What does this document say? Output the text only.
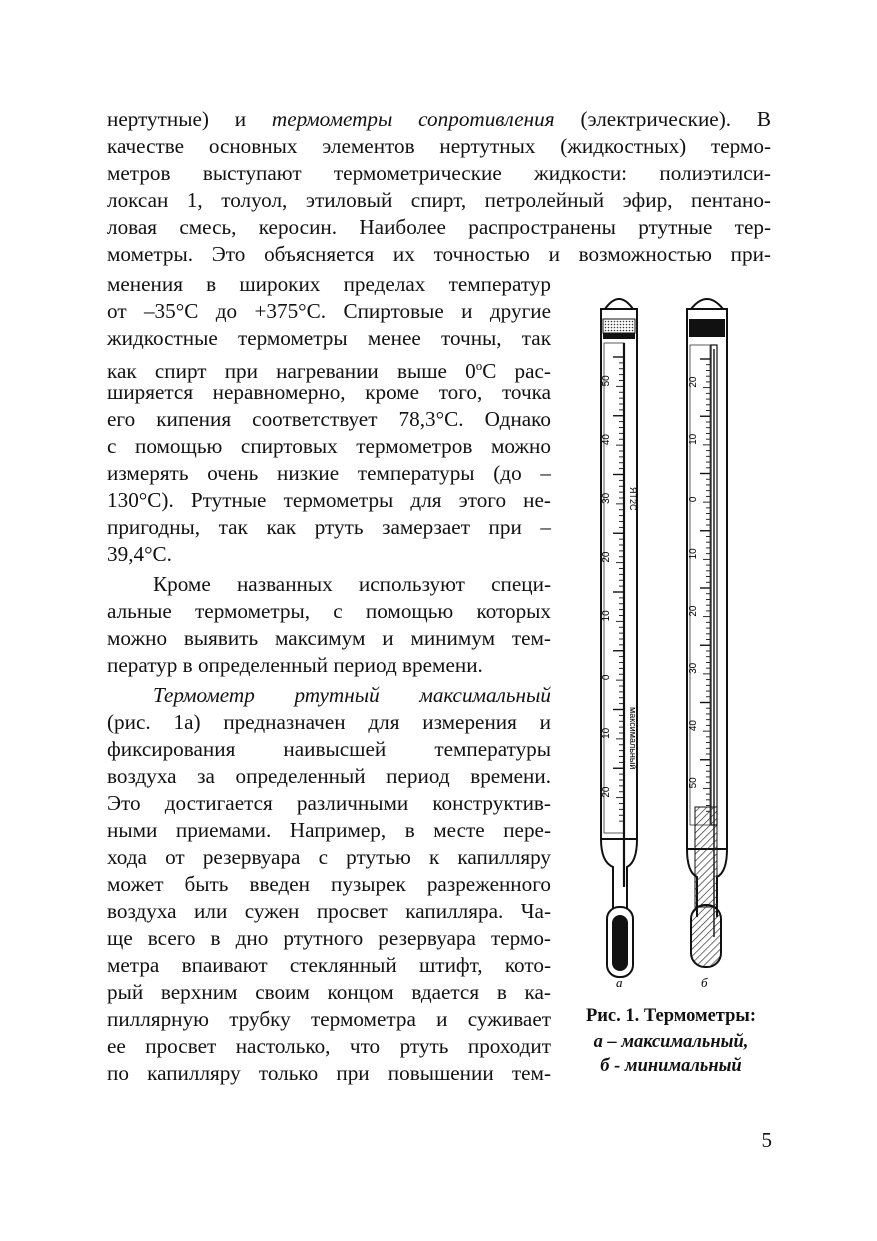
нертутные) и термометры сопротивления (электрические). В
качестве основных элементов нертутных (жидкостных) термо-
метров выступают термометрические жидкости: полиэтилси-
локсан 1, толуол, этиловый спирт, петролейный эфир, пентано-
ловая смесь, керосин. Наиболее распространены ртутные тер-
мометры. Это объясняется их точностью и возможностью при-
менения в широких пределах температур
от –35°С до +375°С. Спиртовые и другие
жидкостные термометры менее точны, так
как спирт при нагревании выше $0^оС$ рас-
ширяется неравномерно, кроме того, точка
его кипения соответствует 78,3°С. Однако
с помощью спиртовых термометров можно
измерять очень низкие температуры (до –
130°С). Ртутные термометры для этого не-
пригодны, так как ртуть замерзает при –
39,4°С.
Кроме названных используют специ-
альные термометры, с помощью которых
можно выявить максимум и минимум тем-
ператур в определенный период времени.
Термометр ртутный максимальный
(рис. 1а) предназначен для измерения и
фиксирования наивысшей температуры
воздуха за определенный период времени.
Это достигается различными конструктив-
ными приемами. Например, в месте пере-
хода от резервуара с ртутью к капилляру
может быть введен пузырек разреженного
воздуха или сужен просвет капилляра. Ча-
ще всего в дно ртутного резервуара термо-
метра впаивают стеклянный штифт, кото-
рый верхним своим концом вдается в ка-
пиллярную трубку термометра и суживает
ее просвет настолько, что ртуть проходит
по капилляру только при повышении тем-
50
40
30
20
10
0
10
20
ЯТ2С
максимальный
а
20
10
0
10
20
30
40
50
б
Рис. 1. Термометры:
а – максимальный,
б - минимальный
5
